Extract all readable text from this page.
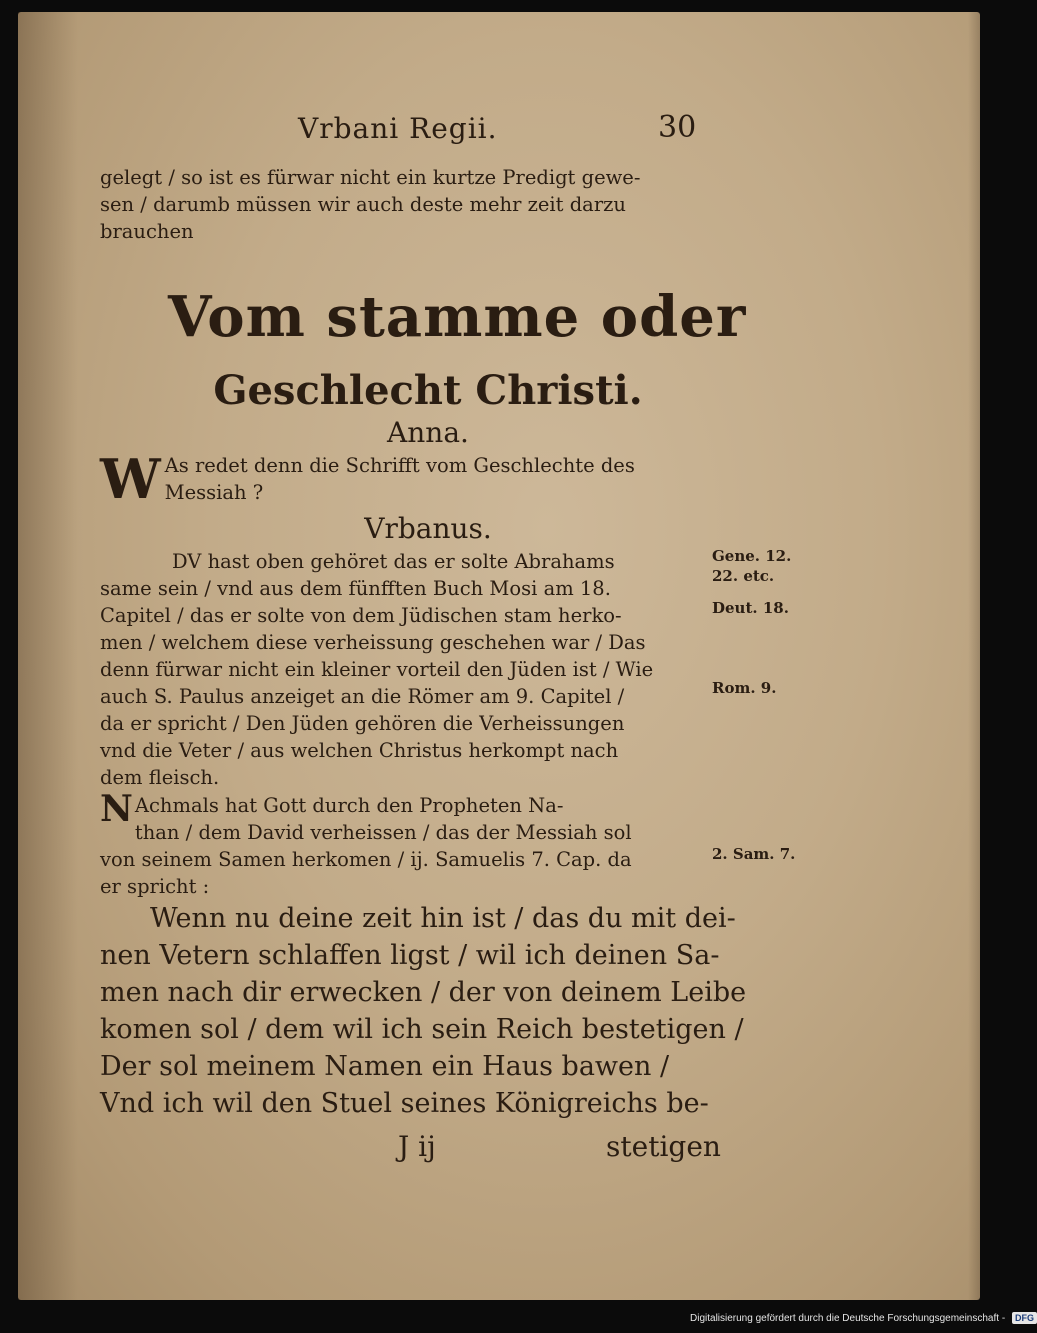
Vrbani Regii.	30
gelegt / so ist es fürwar nicht ein kurtze Predigt gewe-
sen / darumb müssen wir auch deste mehr zeit darzu
brauchen
Vom stamme oder
Geschlecht Christi.
Anna.
W As redet denn die Schrifft vom Geschlechte des
Messiah ?
Vrbanus.
DV hast oben gehöret das er solte Abrahams
same sein / vnd aus dem fünfften Buch Mosi am 18.
Capitel / das er solte von dem Jüdischen stam herko-
men / welchem diese verheissung geschehen war / Das
denn fürwar nicht ein kleiner vorteil den Jüden ist / Wie
auch S. Paulus anzeiget an die Römer am 9. Capitel /
da er spricht / Den Jüden gehören die Verheissungen
vnd die Veter / aus welchen Christus herkompt nach
dem fleisch.
N Achmals hat Gott durch den Propheten Na-
than / dem David verheissen / das der Messiah sol
von seinem Samen herkomen / ij. Samuelis 7. Cap. da
er spricht :
Wenn nu deine zeit hin ist / das du mit dei-
nen Vetern schlaffen ligst / wil ich deinen Sa-
men nach dir erwecken / der von deinem Leibe
komen sol / dem wil ich sein Reich bestetigen /
Der sol meinem Namen ein Haus bawen /
Vnd ich wil den Stuel seines Königreichs be-
J ij	stetigen
Gene. 12.
22. etc.
Deut. 18.
Rom. 9.
2. Sam. 7.
Digitalisierung gefördert durch die Deutsche Forschungsgemeinschaft - DFG
